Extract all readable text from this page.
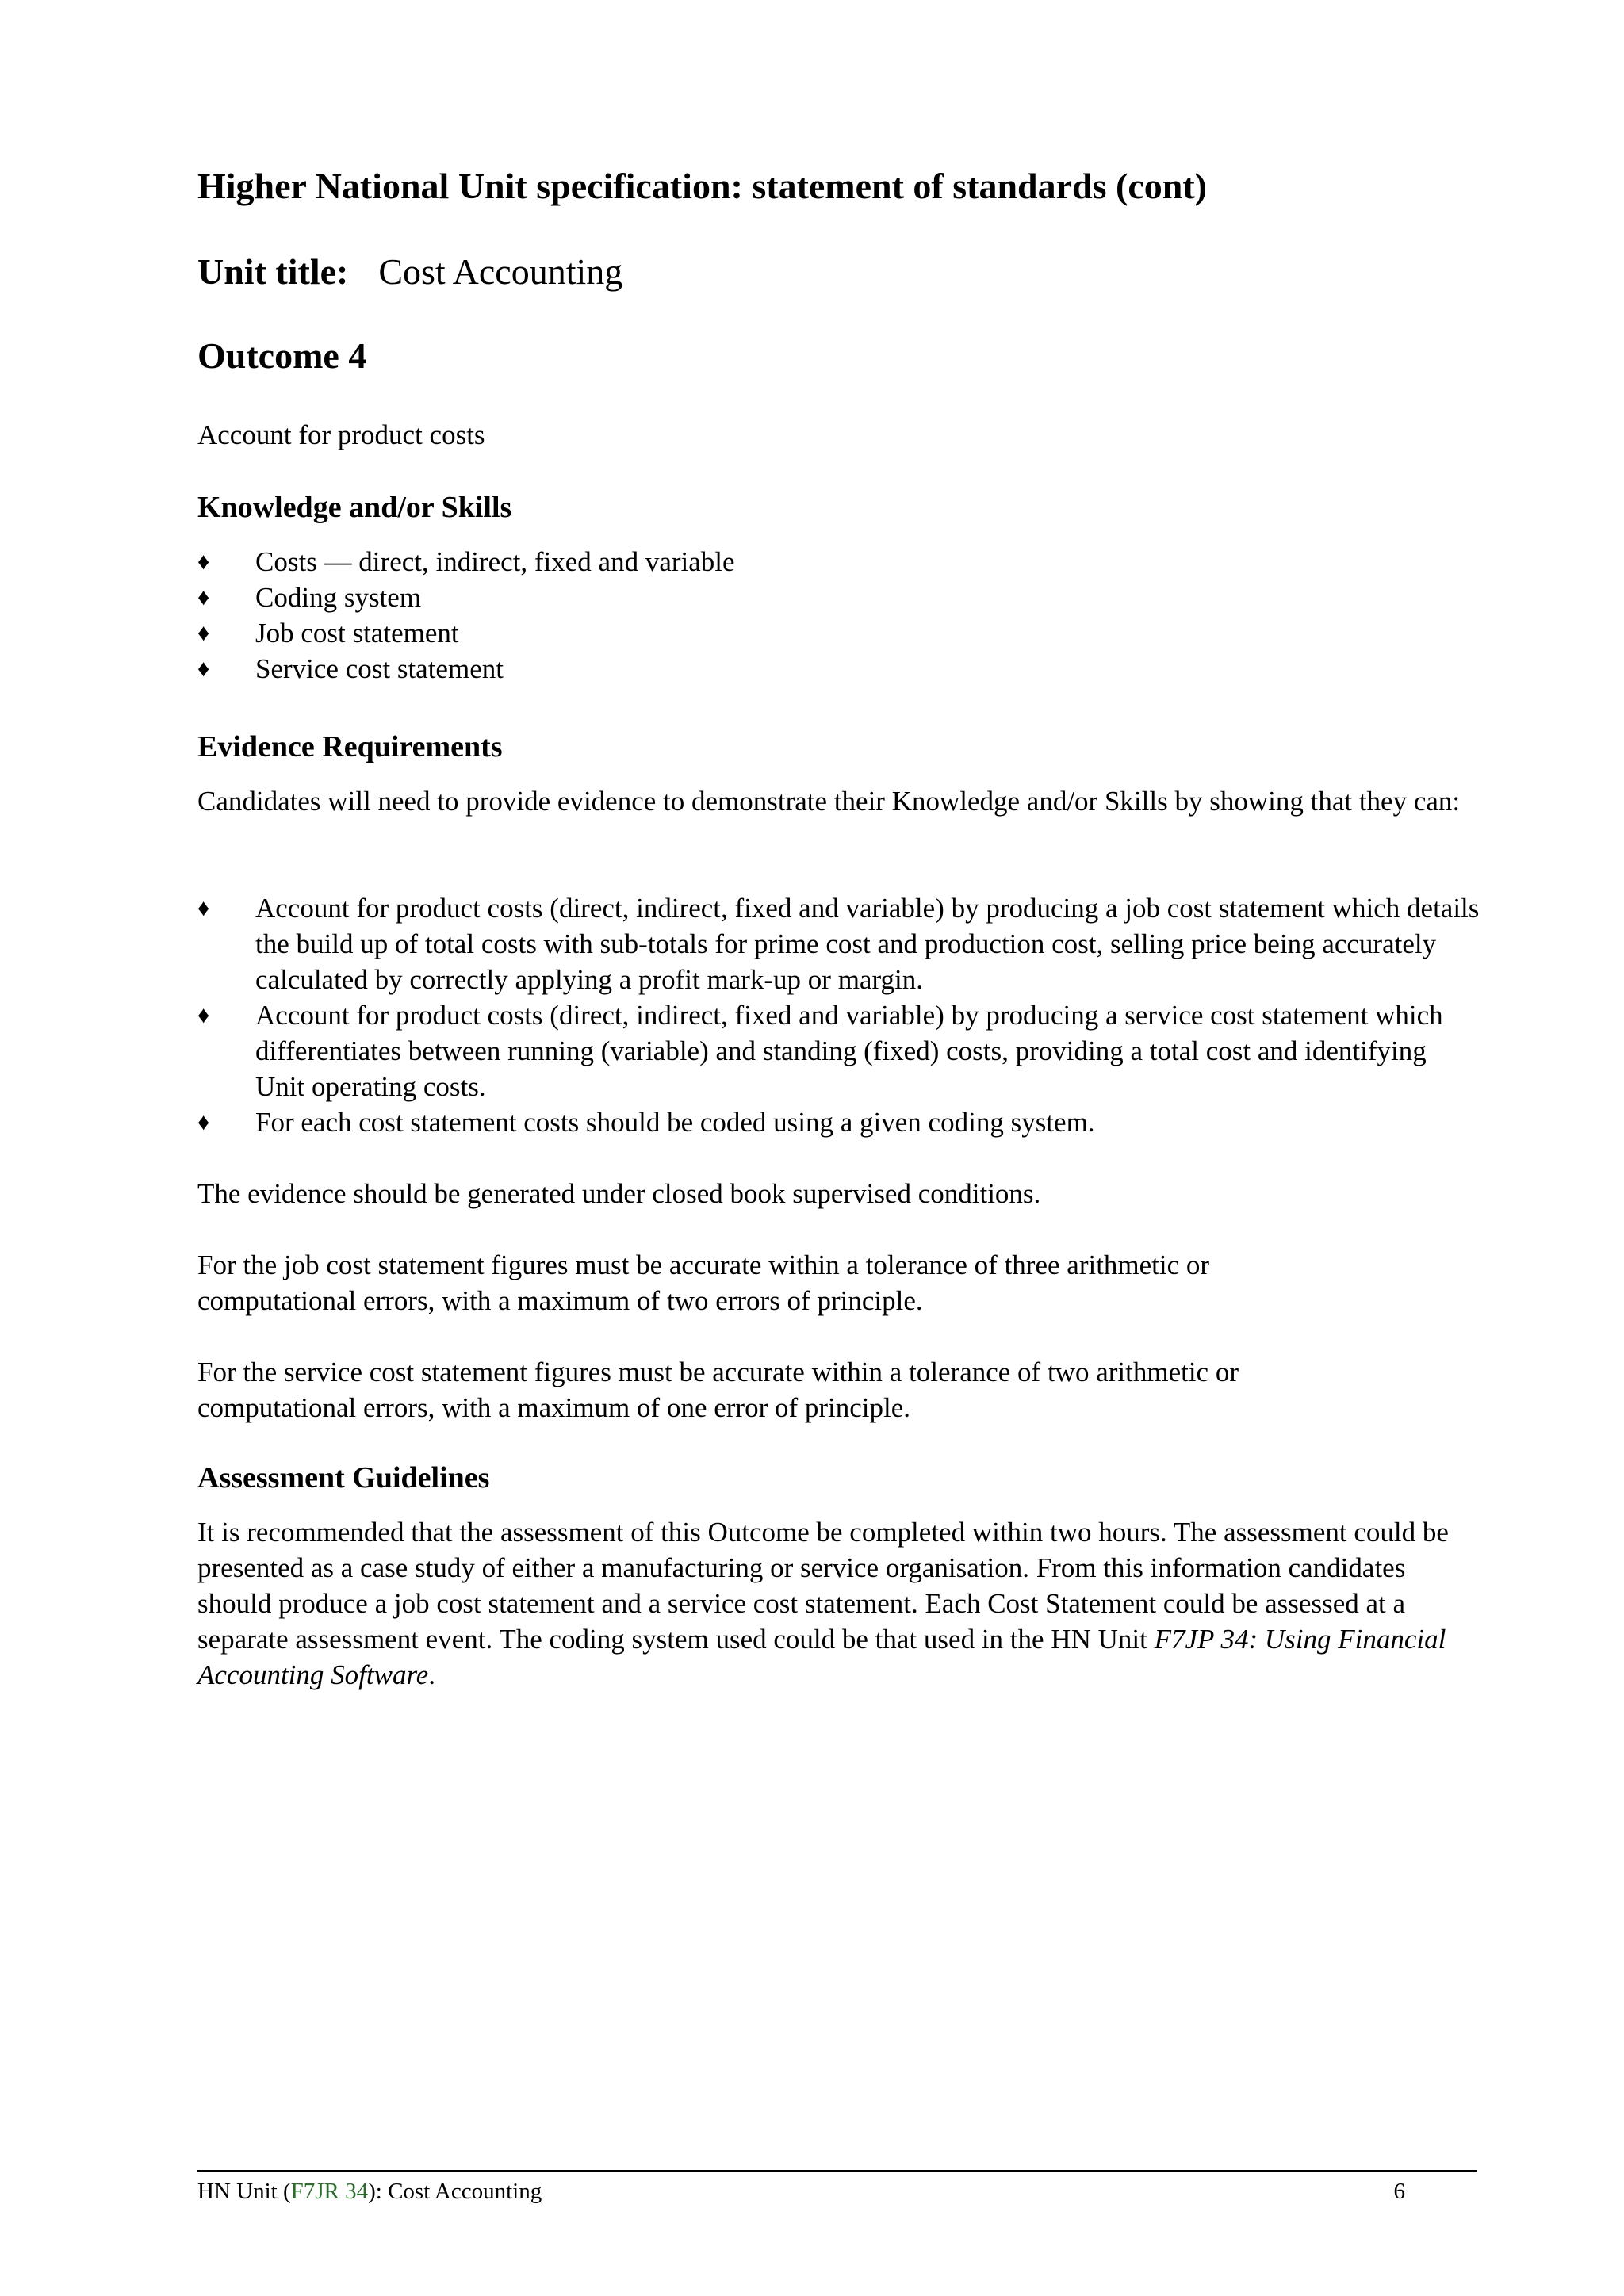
Higher National Unit specification: statement of standards (cont)
Unit title: Cost Accounting
Outcome 4

Account for product costs

Knowledge and/or Skills
♦ Costs — direct, indirect, fixed and variable
♦ Coding system
♦ Job cost statement
♦ Service cost statement
Evidence Requirements

Candidates will need to provide evidence to demonstrate their Knowledge and/or Skills by showing that they can:

♦ Account for product costs (direct, indirect, fixed and variable) by producing a job cost statement which details the build up of total costs with sub-totals for prime cost and production cost, selling price being accurately calculated by correctly applying a profit mark-up or margin.
♦ Account for product costs (direct, indirect, fixed and variable) by producing a service cost statement which differentiates between running (variable) and standing (fixed) costs, providing a total cost and identifying Unit operating costs.
♦ For each cost statement costs should be coded using a given coding system.

The evidence should be generated under closed book supervised conditions.

For the job cost statement figures must be accurate within a tolerance of three arithmetic or computational errors, with a maximum of two errors of principle.

For the service cost statement figures must be accurate within a tolerance of two arithmetic or computational errors, with a maximum of one error of principle.

Assessment Guidelines

It is recommended that the assessment of this Outcome be completed within two hours. The assessment could be presented as a case study of either a manufacturing or service organisation. From this information candidates should produce a job cost statement and a service cost statement. Each Cost Statement could be assessed at a separate assessment event. The coding system used could be that used in the HN Unit F7JP 34: Using Financial Accounting Software.

HN Unit (F7JR 34): Cost Accounting	6
